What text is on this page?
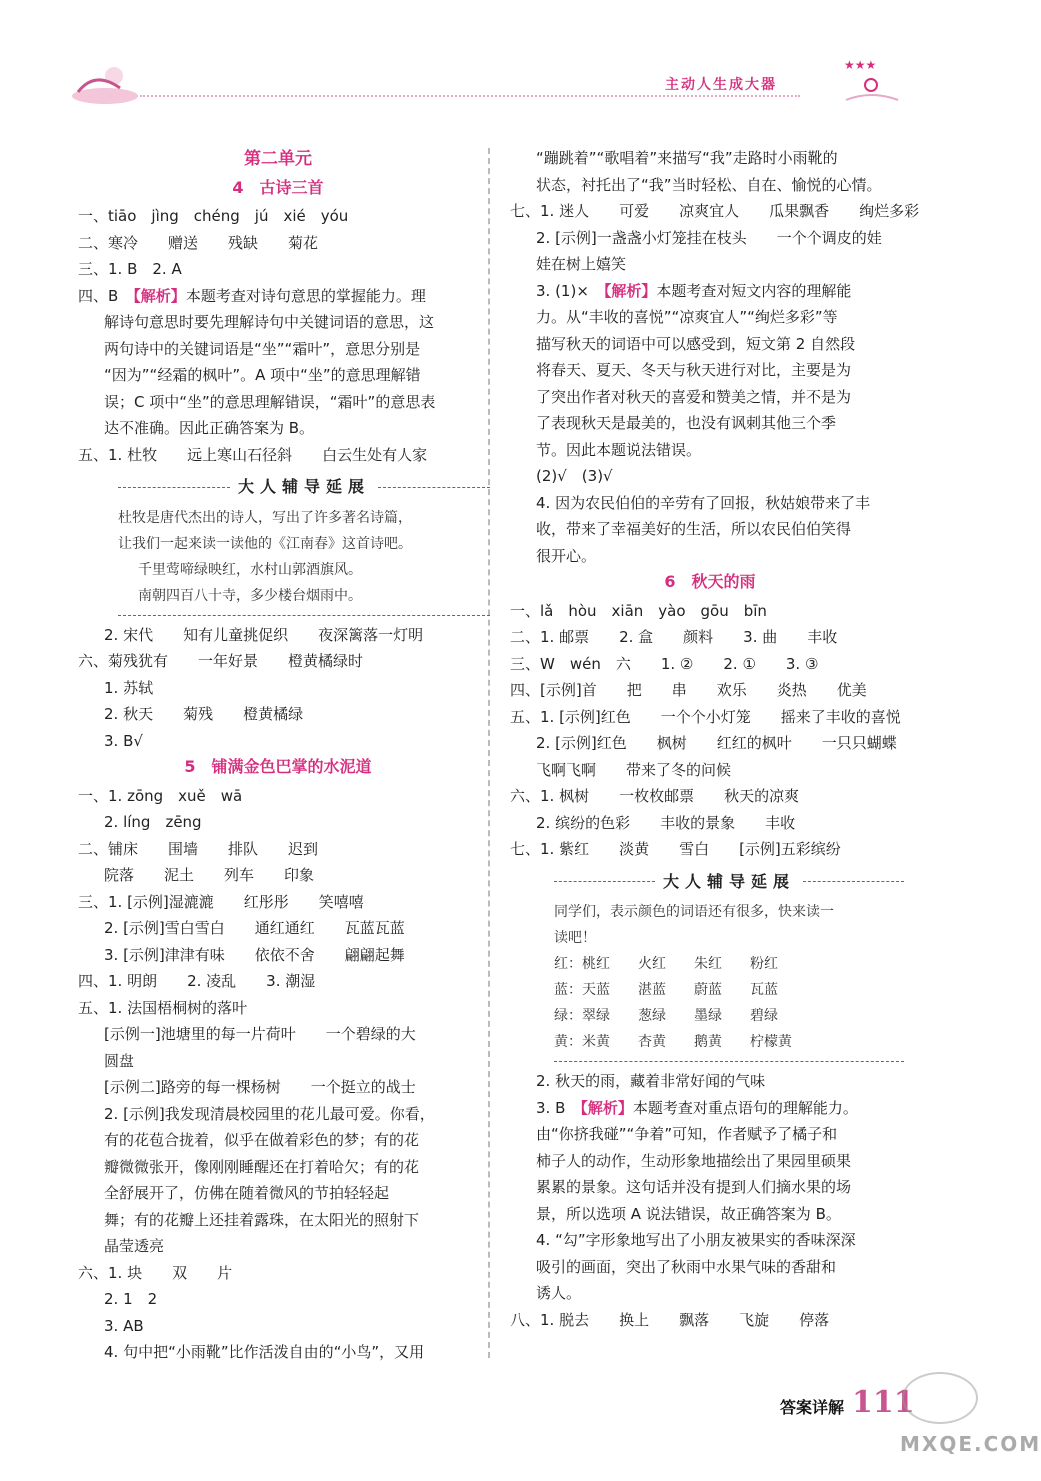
主动人生成大器
★★★
第二单元
4　古诗三首
一、tiāo　jìng　chéng　jú　xié　yóu
二、寒冷　　赠送　　残缺　　菊花
三、1. B　2. A
四、B　【解析】本题考查对诗句意思的掌握能力。理
解诗句意思时要先理解诗句中关键词语的意思，这
两句诗中的关键词语是“坐”“霜叶”，意思分别是
“因为”“经霜的枫叶”。A 项中“坐”的意思理解错
误；C 项中“坐”的意思理解错误，“霜叶”的意思表
达不准确。因此正确答案为 B。
五、1. 杜牧　　远上寒山石径斜　　白云生处有人家
大人辅导延展
杜牧是唐代杰出的诗人，写出了许多著名诗篇，
让我们一起来读一读他的《江南春》这首诗吧。
千里莺啼绿映红，水村山郭酒旗风。
南朝四百八十寺，多少楼台烟雨中。
2. 宋代　　知有儿童挑促织　　夜深篱落一灯明
六、菊残犹有　　一年好景　　橙黄橘绿时
1. 苏轼
2. 秋天　　菊残　　橙黄橘绿
3. B√
5　铺满金色巴掌的水泥道
一、1. zōng　xuě　wā
2. líng　zēng
二、铺床　　围墙　　排队　　迟到
院落　　泥土　　列车　　印象
三、1. [示例]湿漉漉　　红彤彤　　笑嘻嘻
2. [示例]雪白雪白　　通红通红　　瓦蓝瓦蓝
3. [示例]津津有味　　依依不舍　　翩翩起舞
四、1. 明朗　　2. 凌乱　　3. 潮湿
五、1. 法国梧桐树的落叶
[示例一]池塘里的每一片荷叶　　一个碧绿的大
圆盘
[示例二]路旁的每一棵杨树　　一个挺立的战士
2. [示例]我发现清晨校园里的花儿最可爱。你看，
有的花苞合拢着，似乎在做着彩色的梦；有的花
瓣微微张开，像刚刚睡醒还在打着哈欠；有的花
全舒展开了，仿佛在随着微风的节拍轻轻起
舞；有的花瓣上还挂着露珠，在太阳光的照射下
晶莹透亮
六、1. 块　　双　　片
2. 1　2
3. AB
4. 句中把“小雨靴”比作活泼自由的“小鸟”，又用
“蹦跳着”“歌唱着”来描写“我”走路时小雨靴的
状态，衬托出了“我”当时轻松、自在、愉悦的心情。
七、1. 迷人　　可爱　　凉爽宜人　　瓜果飘香　　绚烂多彩
2. [示例]一盏盏小灯笼挂在枝头　　一个个调皮的娃
娃在树上嬉笑
3. (1)×　【解析】本题考查对短文内容的理解能
力。从“丰收的喜悦”“凉爽宜人”“绚烂多彩”等
描写秋天的词语中可以感受到，短文第 2 自然段
将春天、夏天、冬天与秋天进行对比，主要是为
了突出作者对秋天的喜爱和赞美之情，并不是为
了表现秋天是最美的，也没有讽刺其他三个季
节。因此本题说法错误。
(2)√　(3)√
4. 因为农民伯伯的辛劳有了回报，秋姑娘带来了丰
收，带来了幸福美好的生活，所以农民伯伯笑得
很开心。
6　秋天的雨
一、lǎ　hòu　xiān　yào　gōu　bīn
二、1. 邮票　　2. 盒　　颜料　　3. 曲　　丰收
三、W　wén　六　　1. ②　　2. ①　　3. ③
四、[示例]首　　把　　串　　欢乐　　炎热　　优美
五、1. [示例]红色　　一个个小灯笼　　摇来了丰收的喜悦
2. [示例]红色　　枫树　　红红的枫叶　　一只只蝴蝶
飞啊飞啊　　带来了冬的问候
六、1. 枫树　　一枚枚邮票　　秋天的凉爽
2. 缤纷的色彩　　丰收的景象　　丰收
七、1. 紫红　　淡黄　　雪白　　[示例]五彩缤纷
大人辅导延展
同学们，表示颜色的词语还有很多，快来读一
读吧！
红：桃红　　火红　　朱红　　粉红
蓝：天蓝　　湛蓝　　蔚蓝　　瓦蓝
绿：翠绿　　葱绿　　墨绿　　碧绿
黄：米黄　　杏黄　　鹅黄　　柠檬黄
2. 秋天的雨，藏着非常好闻的气味
3. B　【解析】本题考查对重点语句的理解能力。
由“你挤我碰”“争着”可知，作者赋予了橘子和
柿子人的动作，生动形象地描绘出了果园里硕果
累累的景象。这句话并没有提到人们摘水果的场
景，所以选项 A 说法错误，故正确答案为 B。
4. “勾”字形象地写出了小朋友被果实的香味深深
吸引的画面，突出了秋雨中水果气味的香甜和
诱人。
八、1. 脱去　　换上　　飘落　　飞旋　　停落
答案详解 111
MXQE.COM
